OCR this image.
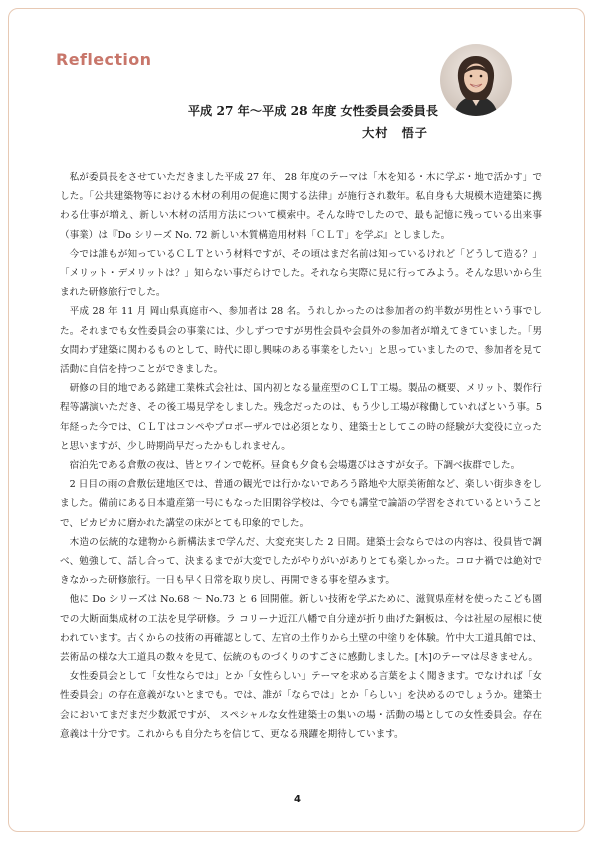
Reflection
平成 27 年～平成 28 年度 女性委員会委員長
大村　悟子

私が委員長をさせていただきました平成 27 年、 28 年度のテーマは「木を知る・木に学ぶ・地で活かす」でした。「公共建築物等における木材の利用の促進に関する法律」が施行され数年。私自身も大規模木造建築に携わる仕事が増え、新しい木材の活用方法について模索中。そんな時でしたので、最も記憶に残っている出来事（事業）は『Do シリーズ No. 72 新しい木質構造用材料「ＣＬＴ」を学ぶ』としました。

今では誰もが知っているＣＬＴという材料ですが、その頃はまだ名前は知っているけれど「どうして造る？」「メリット・デメリットは？」知らない事だらけでした。それなら実際に見に行ってみよう。そんな思いから生まれた研修旅行でした。

平成 28 年 11 月 岡山県真庭市へ、参加者は 28 名。うれしかったのは参加者の約半数が男性という事でした。それまでも女性委員会の事業には、少しずつですが男性会員や会員外の参加者が増えてきていました。「男女問わず建築に関わるものとして、時代に即し興味のある事業をしたい」と思っていましたので、参加者を見て活動に自信を持つことができました。

研修の目的地である銘建工業株式会社は、国内初となる量産型のＣＬＴ工場。製品の概要、メリット、製作行程等講演いただき、その後工場見学をしました。残念だったのは、もう少し工場が稼働していればという事。5 年経った今では、ＣＬＴはコンペやプロポーザルでは必須となり、建築士としてこの時の経験が大変役に立ったと思いますが、少し時期尚早だったかもしれません。

宿泊先である倉敷の夜は、皆とワインで乾杯。昼食も夕食も会場選びはさすが女子。下調べ抜群でした。

2 日目の雨の倉敷伝建地区では、普通の観光では行かないであろう路地や大原美術館など、楽しい街歩きをしました。備前にある日本遺産第一号にもなった旧閑谷学校は、今でも講堂で論語の学習をされているということで、ピカピカに磨かれた講堂の床がとても印象的でした。

木造の伝統的な建物から新構法まで学んだ、大変充実した 2 日間。建築士会ならではの内容は、役員皆で調べ、勉強して、話し合って、決まるまでが大変でしたがやりがいがありとても楽しかった。コロナ禍では絶対できなかった研修旅行。一日も早く日常を取り戻し、再開できる事を望みます。

他に Do シリーズは No.68 ～ No.73 と 6 回開催。新しい技術を学ぶために、滋賀県産材を使ったこども園での大断面集成材の工法を見学研修。ラ コリーナ近江八幡で自分達が折り曲げた銅板は、今は社屋の屋根に使われています。古くからの技術の再確認として、左官の土作りから土壁の中塗りを体験。竹中大工道具館では、芸術品の様な大工道具の数々を見て、伝統のものづくりのすごさに感動しました。[木]のテーマは尽きません。

女性委員会として「女性ならでは」とか「女性らしい」テーマを求める言葉をよく聞きます。でなければ「女性委員会」の存在意義がないとまでも。では、誰が「ならでは」とか「らしい」を決めるのでしょうか。建築士会においてまだまだ少数派ですが、 スペシャルな女性建築士の集いの場・活動の場としての女性委員会。存在意義は十分です。これからも自分たちを信じて、更なる飛躍を期待しています。

4
